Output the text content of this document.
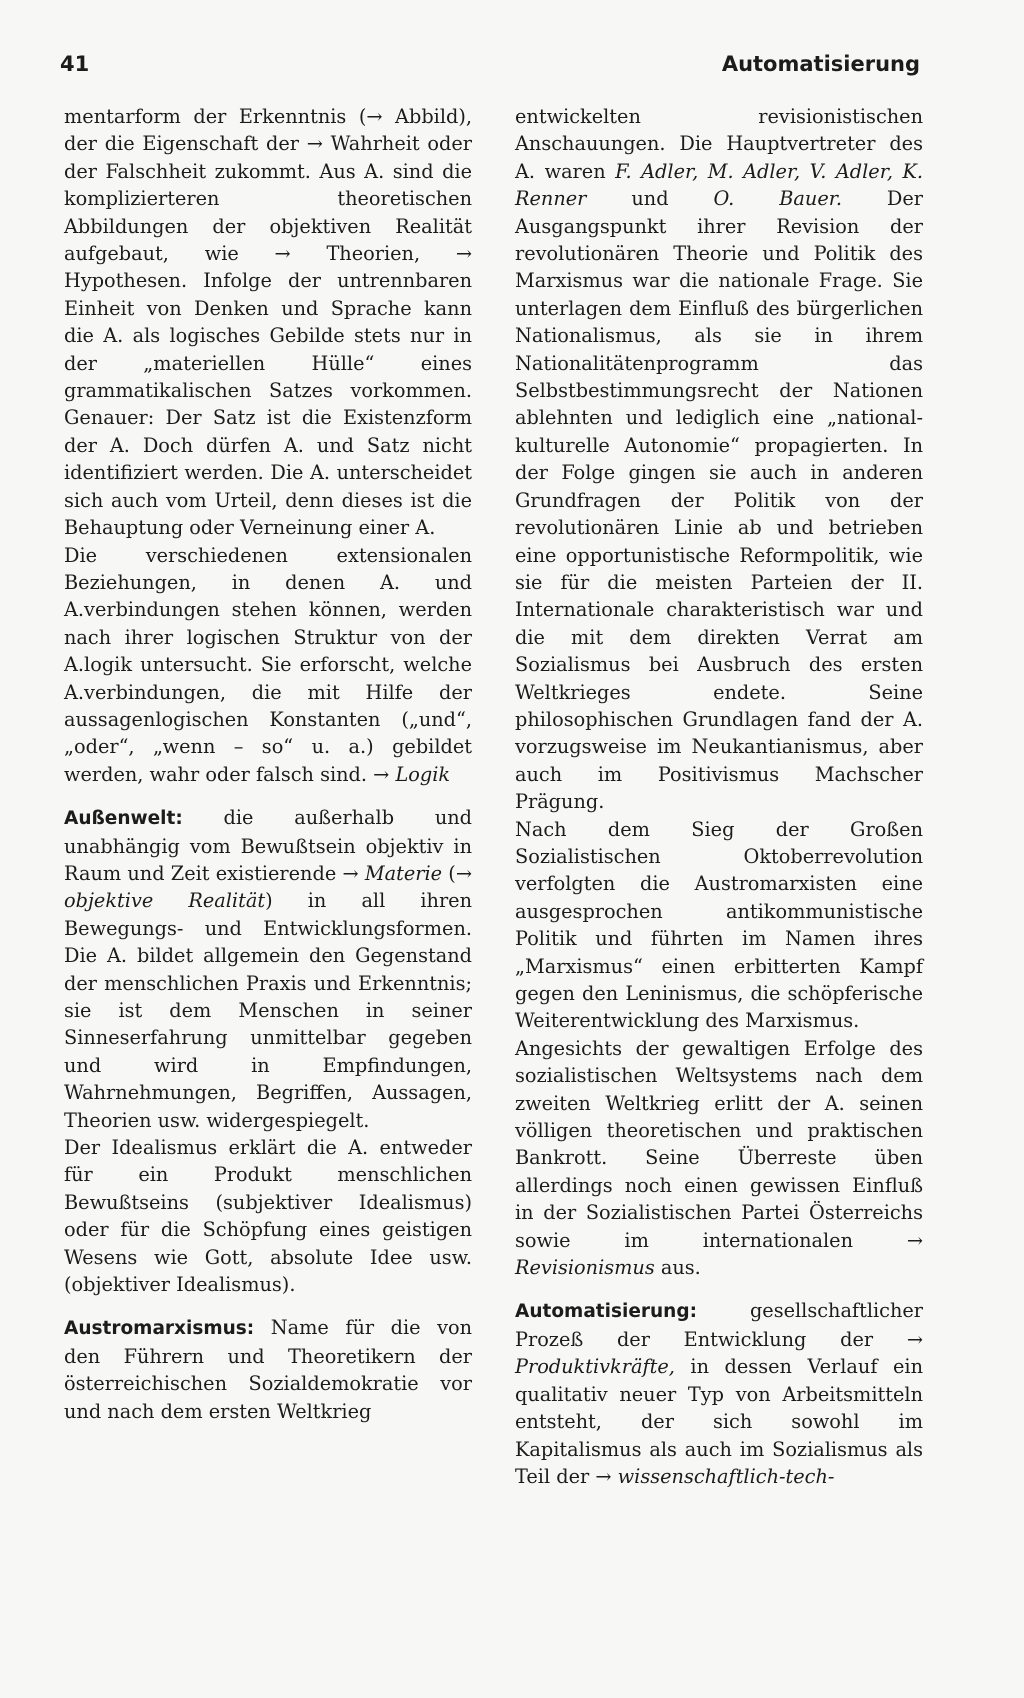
41	Automatisierung

mentarform der Erkenntnis (→ Abbild), der die Eigenschaft der → Wahrheit oder der Falschheit zukommt. Aus A. sind die komplizierteren theoretischen Abbildungen der objektiven Realität aufgebaut, wie → Theorien, → Hypothesen. Infolge der untrennbaren Einheit von Denken und Sprache kann die A. als logisches Gebilde stets nur in der „materiellen Hülle“ eines grammatikalischen Satzes vorkommen. Genauer: Der Satz ist die Existenzform der A. Doch dürfen A. und Satz nicht identifiziert werden. Die A. unterscheidet sich auch vom Urteil, denn dieses ist die Behauptung oder Verneinung einer A.

Die verschiedenen extensionalen Beziehungen, in denen A. und A.verbindungen stehen können, werden nach ihrer logischen Struktur von der A.logik untersucht. Sie erforscht, welche A.verbindungen, die mit Hilfe der aussagenlogischen Konstanten („und“, „oder“, „wenn – so“ u. a.) gebildet werden, wahr oder falsch sind. → Logik

Außenwelt: die außerhalb und unabhängig vom Bewußtsein objektiv in Raum und Zeit existierende → Materie (→ objektive Realität) in all ihren Bewegungs- und Entwicklungsformen. Die A. bildet allgemein den Gegenstand der menschlichen Praxis und Erkenntnis; sie ist dem Menschen in seiner Sinneserfahrung unmittelbar gegeben und wird in Empfindungen, Wahrnehmungen, Begriffen, Aussagen, Theorien usw. widergespiegelt.

Der Idealismus erklärt die A. entweder für ein Produkt menschlichen Bewußtseins (subjektiver Idealismus) oder für die Schöpfung eines geistigen Wesens wie Gott, absolute Idee usw. (objektiver Idealismus).

Austromarxismus: Name für die von den Führern und Theoretikern der österreichischen Sozialdemokratie vor und nach dem ersten Weltkrieg

entwickelten revisionistischen Anschauungen. Die Hauptvertreter des A. waren F. Adler, M. Adler, V. Adler, K. Renner und O. Bauer. Der Ausgangspunkt ihrer Revision der revolutionären Theorie und Politik des Marxismus war die nationale Frage. Sie unterlagen dem Einfluß des bürgerlichen Nationalismus, als sie in ihrem Nationalitätenprogramm das Selbstbestimmungsrecht der Nationen ablehnten und lediglich eine „national-kulturelle Autonomie“ propagierten. In der Folge gingen sie auch in anderen Grundfragen der Politik von der revolutionären Linie ab und betrieben eine opportunistische Reformpolitik, wie sie für die meisten Parteien der II. Internationale charakteristisch war und die mit dem direkten Verrat am Sozialismus bei Ausbruch des ersten Weltkrieges endete. Seine philosophischen Grundlagen fand der A. vorzugsweise im Neukantianismus, aber auch im Positivismus Machscher Prägung.

Nach dem Sieg der Großen Sozialistischen Oktoberrevolution verfolgten die Austromarxisten eine ausgesprochen antikommunistische Politik und führten im Namen ihres „Marxismus“ einen erbitterten Kampf gegen den Leninismus, die schöpferische Weiterentwicklung des Marxismus.

Angesichts der gewaltigen Erfolge des sozialistischen Weltsystems nach dem zweiten Weltkrieg erlitt der A. seinen völligen theoretischen und praktischen Bankrott. Seine Überreste üben allerdings noch einen gewissen Einfluß in der Sozialistischen Partei Österreichs sowie im internationalen	→ Revisionismus aus.

Automatisierung:	gesellschaftlicher Prozeß der Entwicklung der → Produktivkräfte, in dessen Verlauf ein qualitativ neuer Typ von Arbeitsmitteln entsteht, der sich sowohl im Kapitalismus als auch im Sozialismus als Teil der → wissenschaftlich-tech-
